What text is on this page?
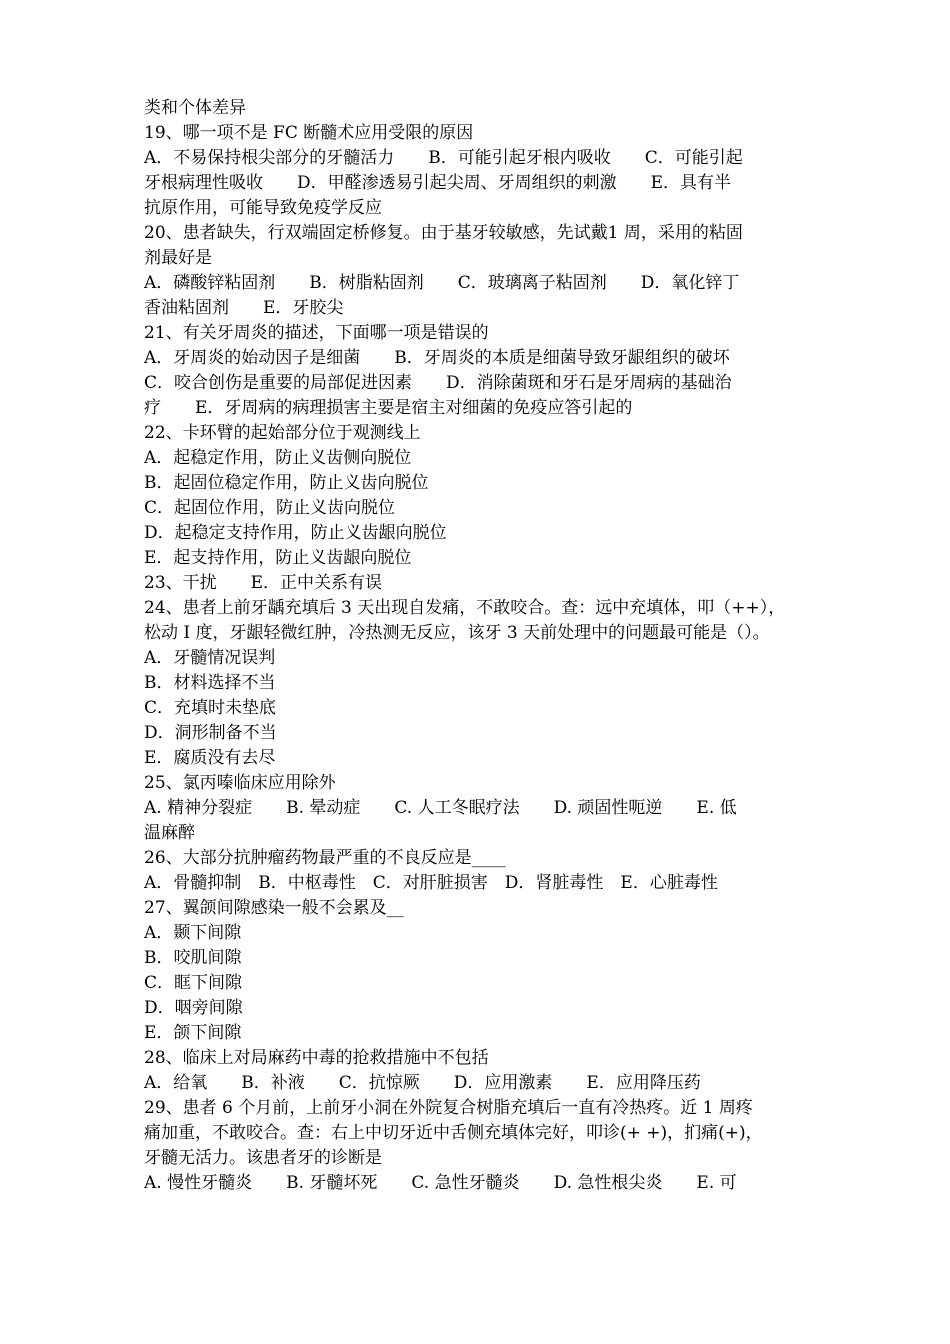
类和个体差异
19、哪一项不是 FC 断髓术应用受限的原因
A．不易保持根尖部分的牙髓活力　　B．可能引起牙根内吸收　　C．可能引起
牙根病理性吸收　　D．甲醛渗透易引起尖周、牙周组织的刺激　　E．具有半
抗原作用，可能导致免疫学反应
20、患者缺失，行双端固定桥修复。由于基牙较敏感，先试戴1 周，采用的粘固
剂最好是
A．磷酸锌粘固剂　　B．树脂粘固剂　　C．玻璃离子粘固剂　　D．氧化锌丁
香油粘固剂　　E．牙胶尖
21、有关牙周炎的描述，下面哪一项是错误的
A．牙周炎的始动因子是细菌　　B．牙周炎的本质是细菌导致牙龈组织的破坏
C．咬合创伤是重要的局部促进因素　　D．消除菌斑和牙石是牙周病的基础治
疗　　E．牙周病的病理损害主要是宿主对细菌的免疫应答引起的
22、卡环臂的起始部分位于观测线上
A．起稳定作用，防止义齿侧向脱位
B．起固位稳定作用，防止义齿向脱位
C．起固位作用，防止义齿向脱位
D．起稳定支持作用，防止义齿龈向脱位
E．起支持作用，防止义齿龈向脱位
23、干扰　　E．正中关系有误
24、患者上前牙龋充填后 3 天出现自发痛，不敢咬合。查：远中充填体，叩（++），
松动 I 度，牙龈轻微红肿，冷热测无反应，该牙 3 天前处理中的问题最可能是（）。
A．牙髓情况误判
B．材料选择不当
C．充填时未垫底
D．洞形制备不当
E．腐质没有去尽
25、氯丙嗪临床应用除外
A. 精神分裂症　　B. 晕动症　　C. 人工冬眠疗法　　D. 顽固性呃逆　　E. 低
温麻醉
26、大部分抗肿瘤药物最严重的不良反应是____
A．骨髓抑制　B．中枢毒性　C．对肝脏损害　D．肾脏毒性　E．心脏毒性
27、翼颌间隙感染一般不会累及__
A．颞下间隙
B．咬肌间隙
C．眶下间隙
D．咽旁间隙
E．颌下间隙
28、临床上对局麻药中毒的抢救措施中不包括
A．给氧　　B．补液　　C．抗惊厥　　D．应用激素　　E．应用降压药
29、患者 6 个月前，上前牙小洞在外院复合树脂充填后一直有冷热疼。近 1 周疼
痛加重，不敢咬合。查：右上中切牙近中舌侧充填体完好，叩诊(+ +)，扪痛(+)，
牙髓无活力。该患者牙的诊断是
A. 慢性牙髓炎　　B. 牙髓坏死　　C. 急性牙髓炎　　D. 急性根尖炎　　E. 可
